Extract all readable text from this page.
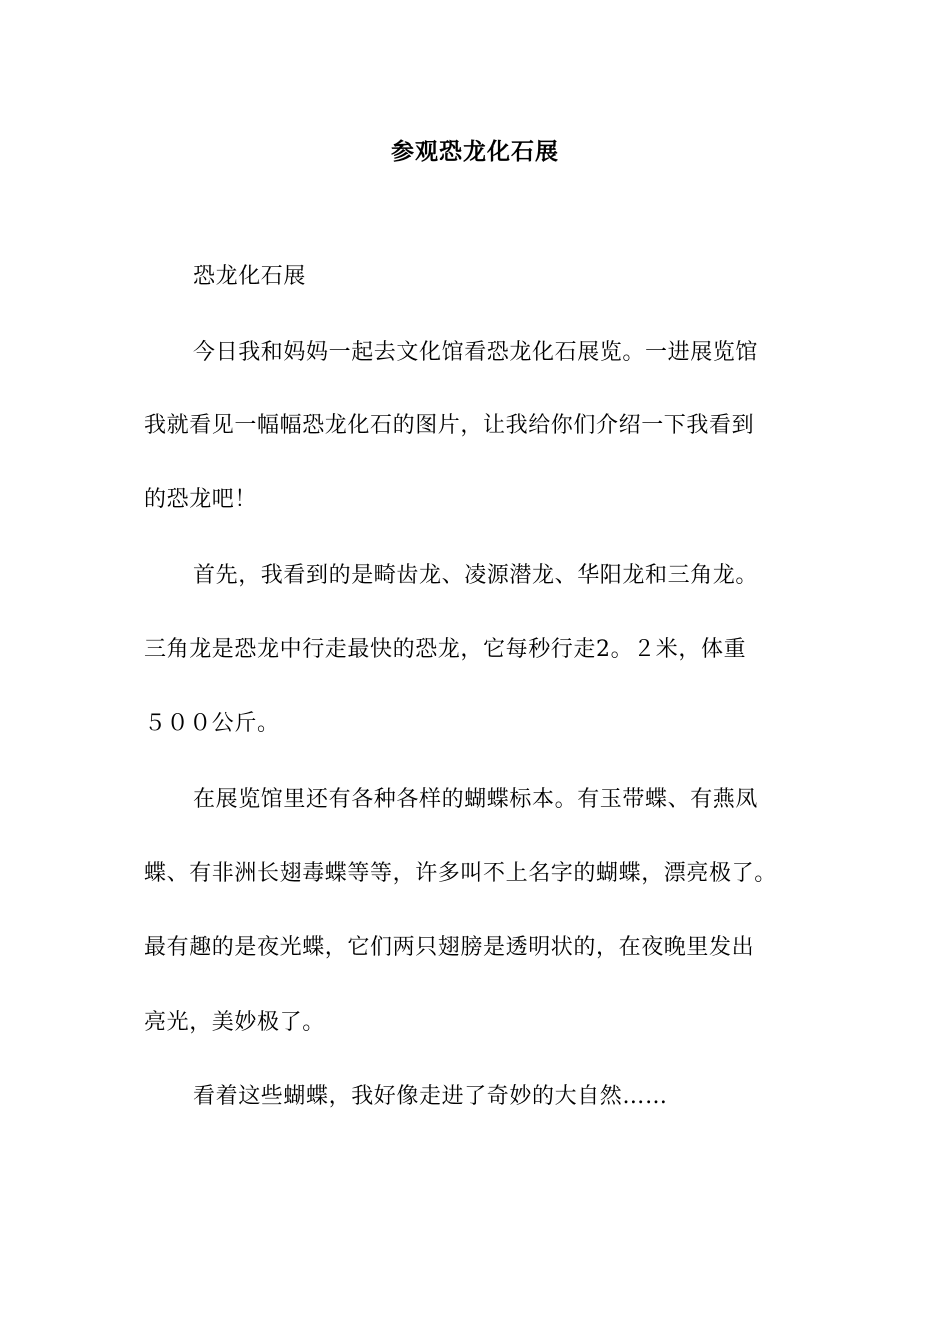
参观恐龙化石展
恐龙化石展
今日我和妈妈一起去文化馆看恐龙化石展览。一进展览馆
我就看见一幅幅恐龙化石的图片，让我给你们介绍一下我看到
的恐龙吧！
首先，我看到的是畸齿龙、凌源潜龙、华阳龙和三角龙。
三角龙是恐龙中行走最快的恐龙，它每秒行走2。２米，体重
５００公斤。
在展览馆里还有各种各样的蝴蝶标本。有玉带蝶、有燕凤
蝶、有非洲长翅毒蝶等等，许多叫不上名字的蝴蝶，漂亮极了。
最有趣的是夜光蝶，它们两只翅膀是透明状的，在夜晚里发出
亮光，美妙极了。
看着这些蝴蝶，我好像走进了奇妙的大自然……
